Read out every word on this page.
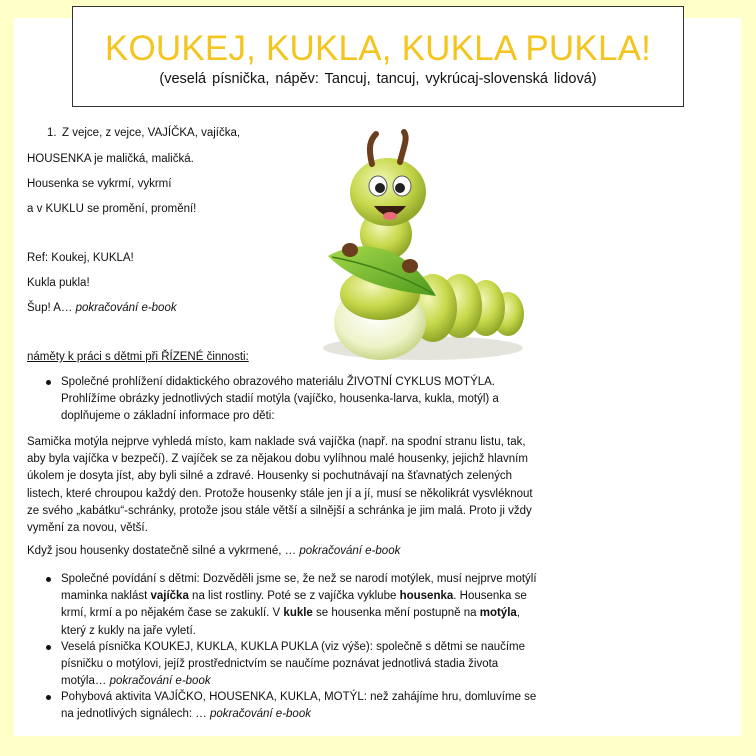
KOUKEJ, KUKLA, KUKLA PUKLA!
(veselá písnička, nápěv: Tancuj, tancuj, vykrúcaj-slovenská lidová)
1. Z vejce, z vejce, VAJÍČKA, vajíčka,
HOUSENKA je maličká, maličká.
Housenka se vykrmí, vykrmí
a v KUKLU se promění, promění!
Ref: Koukej, KUKLA!
Kukla pukla!
Šup! A… pokračování e-book
náměty k práci s dětmi při ŘÍZENÉ činnosti:
Společné prohlížení didaktického obrazového materiálu ŽIVOTNÍ CYKLUS MOTÝLA. Prohlížíme obrázky jednotlivých stadií motýla (vajíčko, housenka-larva, kukla, motýl) a doplňujeme o základní informace pro děti:
Samička motýla nejprve vyhledá místo, kam naklade svá vajíčka (např. na spodní stranu listu, tak, aby byla vajíčka v bezpečí). Z vajíček se za nějakou dobu vylíhnou malé housenky, jejichž hlavním úkolem je dosyta jíst, aby byli silné a zdravé. Housenky si pochutnávají na šťavnatých zelených listech, které chroupou každý den. Protože housenky stále jen jí a jí, musí se několikrát vysvléknout ze svého „kabátku“-schránky, protože jsou stále větší a silnější a schránka je jim malá. Proto ji vždy vymění za novou, větší.
Když jsou housenky dostatečně silné a vykrmené, … pokračování e-book
Společné povídání s dětmi: Dozvěděli jsme se, že než se narodí motýlek, musí nejprve motýlí maminka naklást vajíčka na list rostliny. Poté se z vajíčka vyklube housenka. Housenka se krmí, krmí a po nějakém čase se zakuklí. V kukle se housenka mění postupně na motýla, který z kukly na jaře vyletí.
Veselá písnička KOUKEJ, KUKLA, KUKLA PUKLA (viz výše): společně s dětmi se naučíme písničku o motýlovi, jejíž prostřednictvím se naučíme poznávat jednotlivá stadia života motýla… pokračování e-book
Pohybová aktivita VAJÍČKO, HOUSENKA, KUKLA, MOTÝL: než zahájíme hru, domluvíme se na jednotlivých signálech: … pokračování e-book
